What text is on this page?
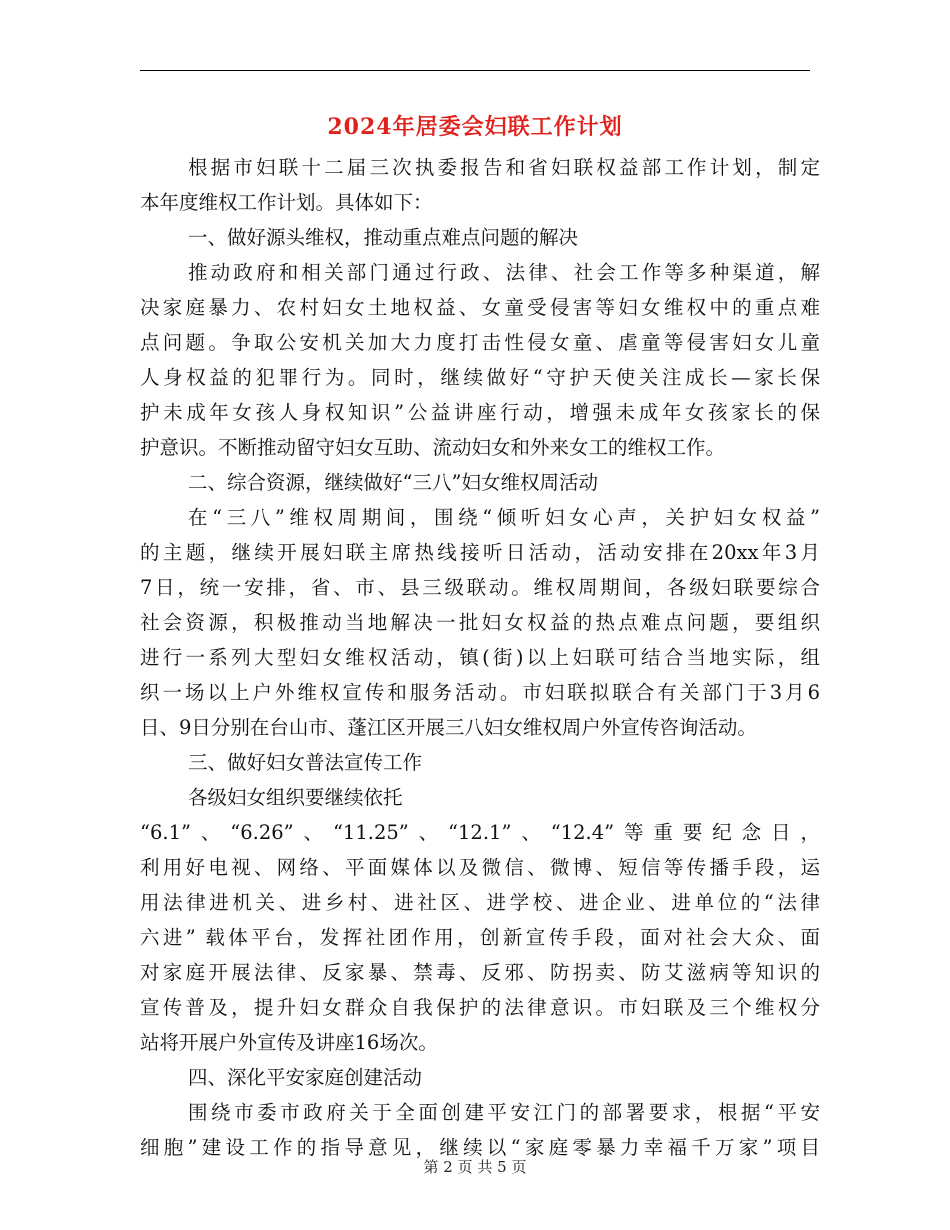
2024年居委会妇联工作计划
根据市妇联十二届三次执委报告和省妇联权益部工作计划，制定
本年度维权工作计划。具体如下：
一、做好源头维权，推动重点难点问题的解决
推动政府和相关部门通过行政、法律、社会工作等多种渠道，解
决家庭暴力、农村妇女土地权益、女童受侵害等妇女维权中的重点难
点问题。争取公安机关加大力度打击性侵女童、虐童等侵害妇女儿童
人身权益的犯罪行为。同时，继续做好“守护天使关注成长—家长保
护未成年女孩人身权知识”公益讲座行动，增强未成年女孩家长的保
护意识。不断推动留守妇女互助、流动妇女和外来女工的维权工作。
二、综合资源，继续做好“三八”妇女维权周活动
在“三八”维权周期间，围绕“倾听妇女心声，关护妇女权益”
的主题，继续开展妇联主席热线接听日活动，活动安排在20xx年3月
7日，统一安排，省、市、县三级联动。维权周期间，各级妇联要综合
社会资源，积极推动当地解决一批妇女权益的热点难点问题，要组织
进行一系列大型妇女维权活动，镇(街)以上妇联可结合当地实际，组
织一场以上户外维权宣传和服务活动。市妇联拟联合有关部门于3月6
日、9日分别在台山市、蓬江区开展三八妇女维权周户外宣传咨询活动。
三、做好妇女普法宣传工作
各级妇女组织要继续依托
“6.1”、“6.26”、“11.25”、“12.1”、“12.4”等重要纪念日，
利用好电视、网络、平面媒体以及微信、微博、短信等传播手段，运
用法律进机关、进乡村、进社区、进学校、进企业、进单位的“法律
六进” 载体平台，发挥社团作用，创新宣传手段，面对社会大众、面
对家庭开展法律、反家暴、禁毒、反邪、防拐卖、防艾滋病等知识的
宣传普及，提升妇女群众自我保护的法律意识。市妇联及三个维权分
站将开展户外宣传及讲座16场次。
四、深化平安家庭创建活动
围绕市委市政府关于全面创建平安江门的部署要求，根据“平安
细胞”建设工作的指导意见，继续以“家庭零暴力幸福千万家”项目
第 2 页 共 5 页
